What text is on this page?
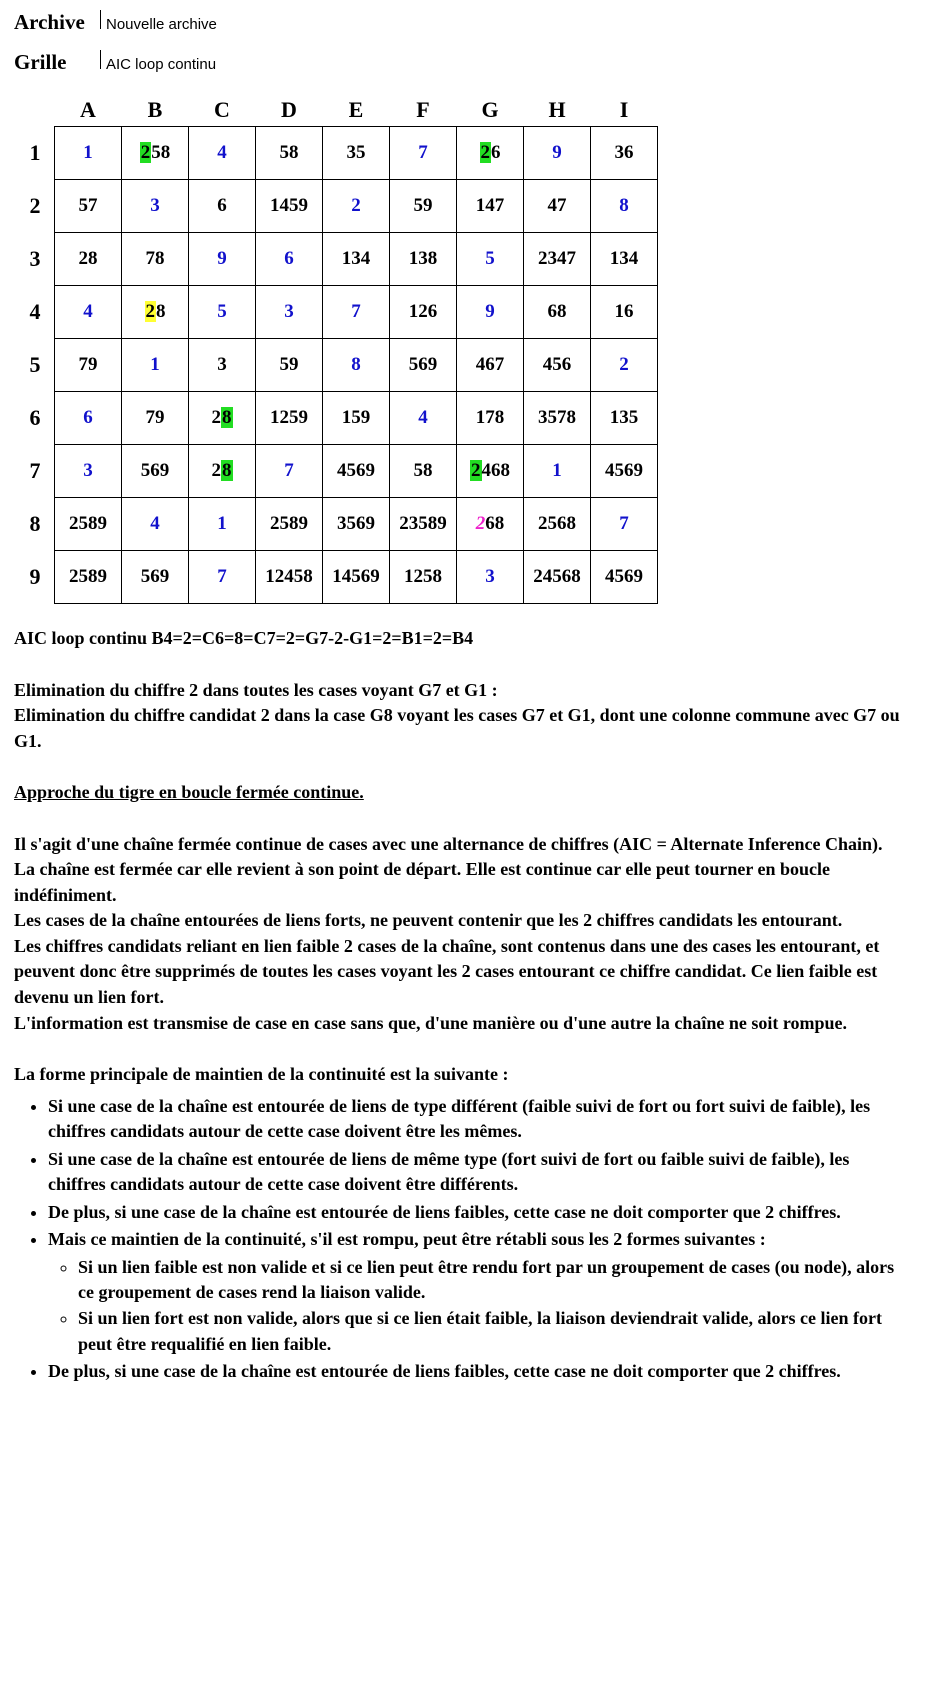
Archive	Nouvelle archive
Grille	AIC loop continu
	A	B	C	D	E	F	G	H	I
1	1	258	4	58	35	7	26	9	36
2	57	3	6	1459	2	59	147	47	8
3	28	78	9	6	134	138	5	2347	134
4	4	28	5	3	7	126	9	68	16
5	79	1	3	59	8	569	467	456	2
6	6	79	28	1259	159	4	178	3578	135
7	3	569	28	7	4569	58	2468	1	4569
8	2589	4	1	2589	3569	23589	268	2568	7
9	2589	569	7	12458	14569	1258	3	24568	4569

AIC loop continu B4=2=C6=8=C7=2=G7-2-G1=2=B1=2=B4

Elimination du chiffre 2 dans toutes les cases voyant G7 et G1 :

Elimination du chiffre candidat 2 dans la case G8 voyant les cases G7 et G1, dont une colonne commune avec G7 ou G1.

Approche du tigre en boucle fermée continue.

Il s'agit d'une chaîne fermée continue de cases avec une alternance de chiffres (AIC = Alternate Inference Chain).

La chaîne est fermée car elle revient à son point de départ. Elle est continue car elle peut tourner en boucle indéfiniment.

Les cases de la chaîne entourées de liens forts, ne peuvent contenir que les 2 chiffres candidats les entourant.

Les chiffres candidats reliant en lien faible 2 cases de la chaîne, sont contenus dans une des cases les entourant, et peuvent donc être supprimés de toutes les cases voyant les 2 cases entourant ce chiffre candidat. Ce lien faible est devenu un lien fort.

L'information est transmise de case en case sans que, d'une manière ou d'une autre la chaîne ne soit rompue.

La forme principale de maintien de la continuité est la suivante :

• Si une case de la chaîne est entourée de liens de type différent (faible suivi de fort ou fort suivi de faible), les chiffres candidats autour de cette case doivent être les mêmes.
• Si une case de la chaîne est entourée de liens de même type (fort suivi de fort ou faible suivi de faible), les chiffres candidats autour de cette case doivent être différents.
• De plus, si une case de la chaîne est entourée de liens faibles, cette case ne doit comporter que 2 chiffres.
• Mais ce maintien de la continuité, s'il est rompu, peut être rétabli sous les 2 formes suivantes :
◦ Si un lien faible est non valide et si ce lien peut être rendu fort par un groupement de cases (ou node), alors ce groupement de cases rend la liaison valide.
◦ Si un lien fort est non valide, alors que si ce lien était faible, la liaison deviendrait valide, alors ce lien fort peut être requalifié en lien faible.
• De plus, si une case de la chaîne est entourée de liens faibles, cette case ne doit comporter que 2 chiffres.
